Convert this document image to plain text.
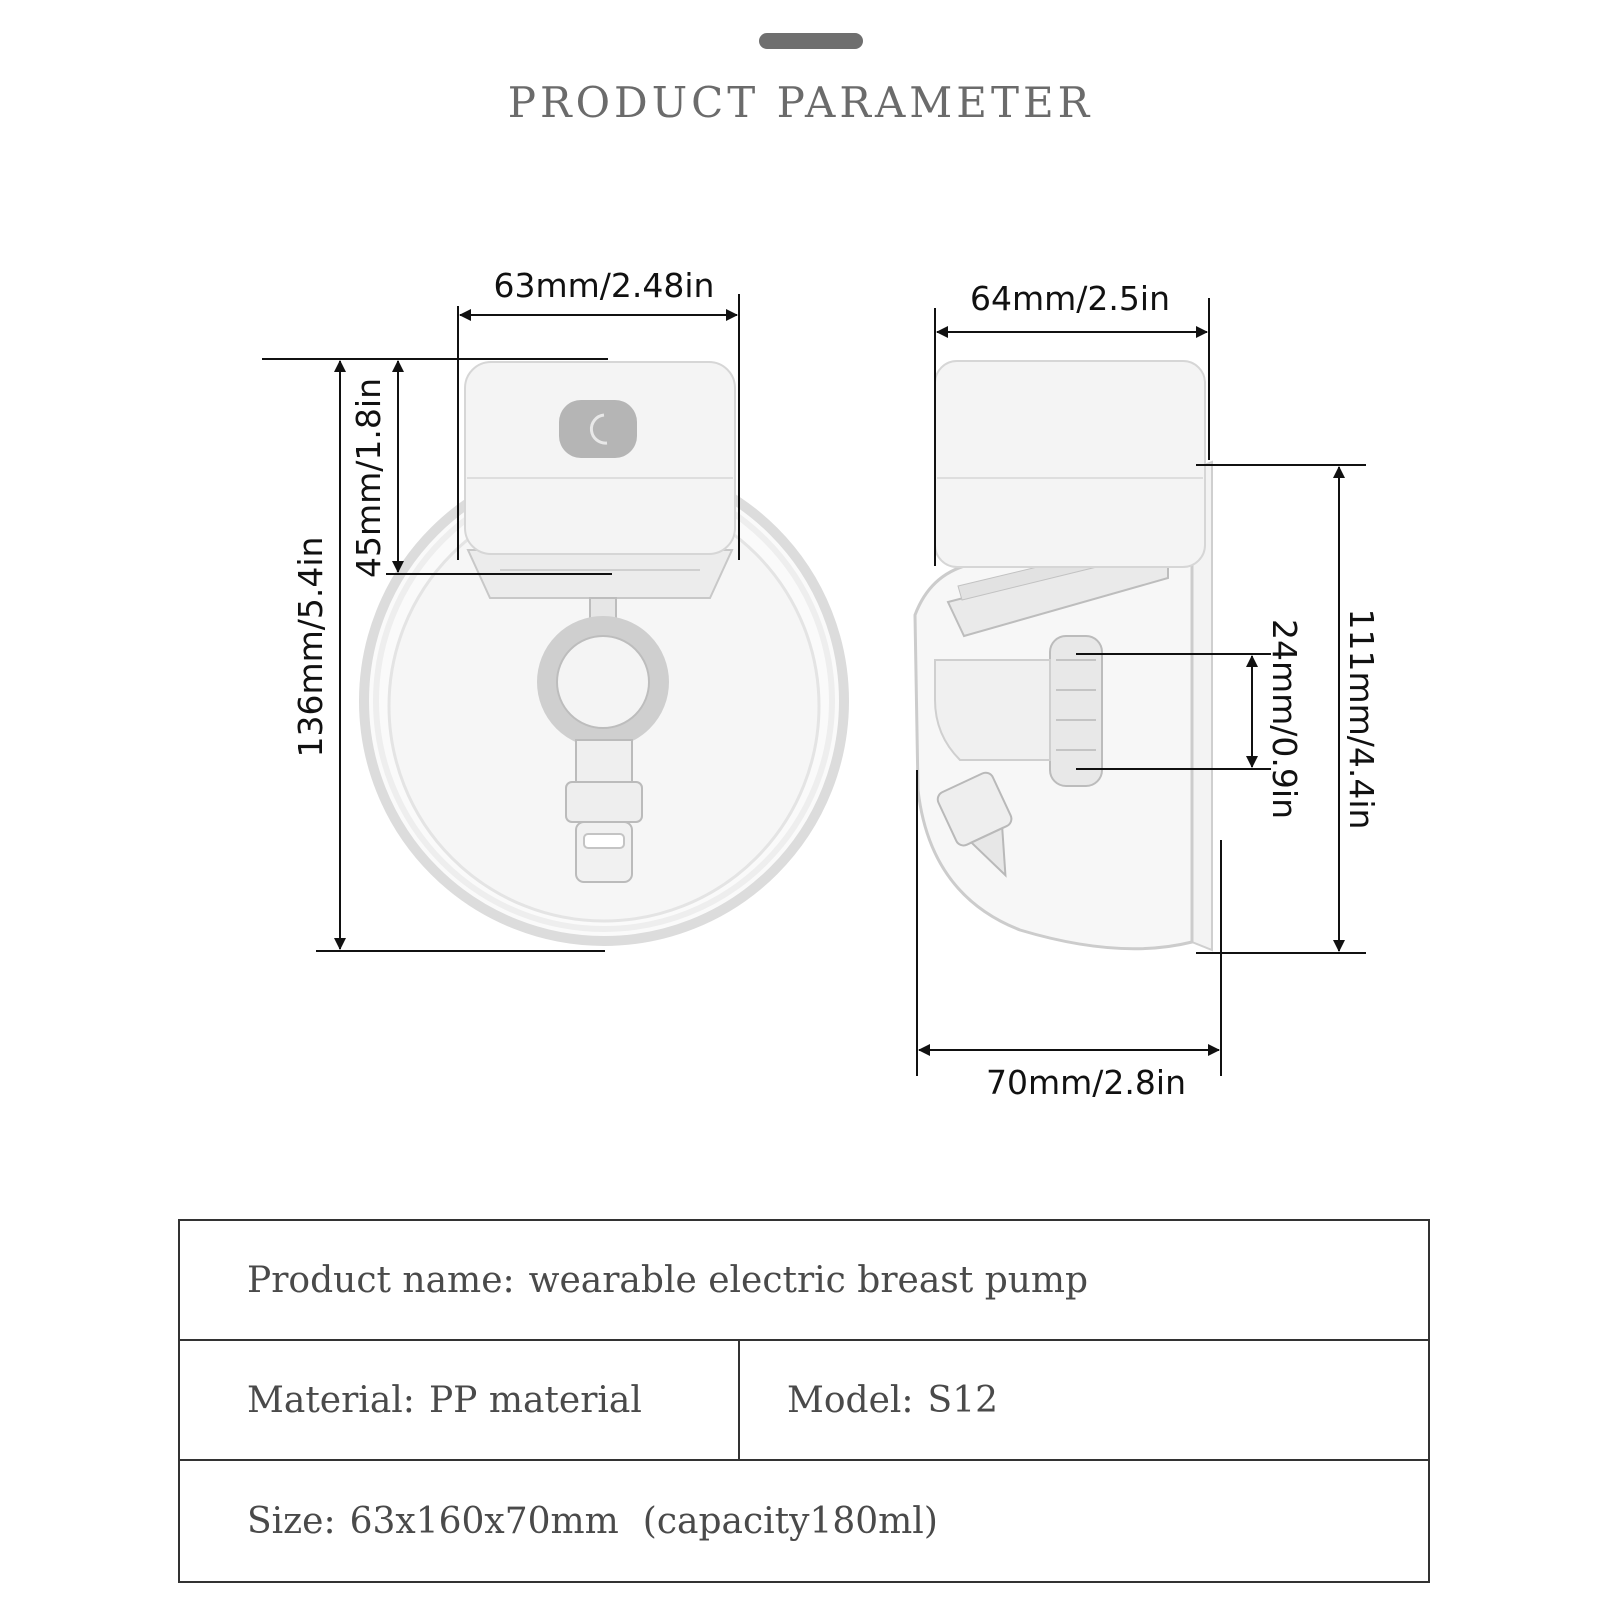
PRODUCT PARAMETER
63mm/2.48in
136mm/5.4in
45mm/1.8in
64mm/2.5in
70mm/2.8in
111mm/4.4in
24mm/0.9in
Product name: wearable electric breast pump
Material: PP material	Model: S12
Size: 63x160x70mm (capacity180ml)
